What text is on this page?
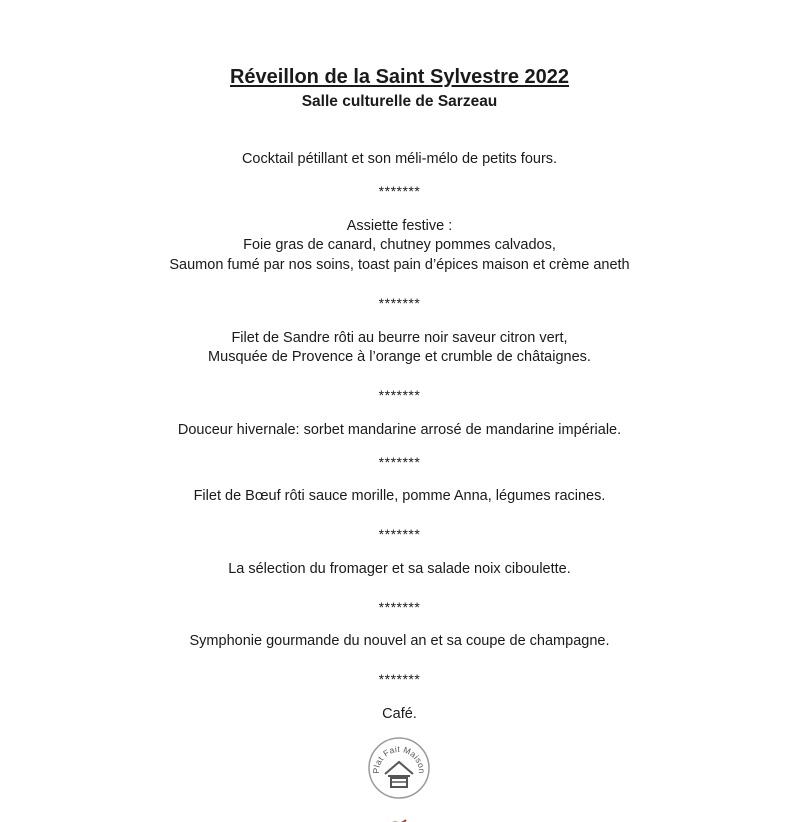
Réveillon de la Saint Sylvestre 2022
Salle culturelle de Sarzeau
Cocktail pétillant et son méli-mélo de petits fours.
*******
Assiette festive :
Foie gras de canard, chutney pommes calvados,
Saumon fumé par nos soins, toast pain d’épices maison et crème aneth
*******
Filet de Sandre rôti au beurre noir saveur citron vert,
Musquée de Provence à l’orange et crumble de châtaignes.
*******
Douceur hivernale: sorbet mandarine arrosé de mandarine impériale.
*******
Filet de Bœuf rôti sauce morille, pomme Anna, légumes racines.
*******
La sélection du fromager et sa salade noix ciboulette.
*******
Symphonie gourmande du nouvel an et sa coupe de champagne.
*******
Café.
Plat Fait Maison
